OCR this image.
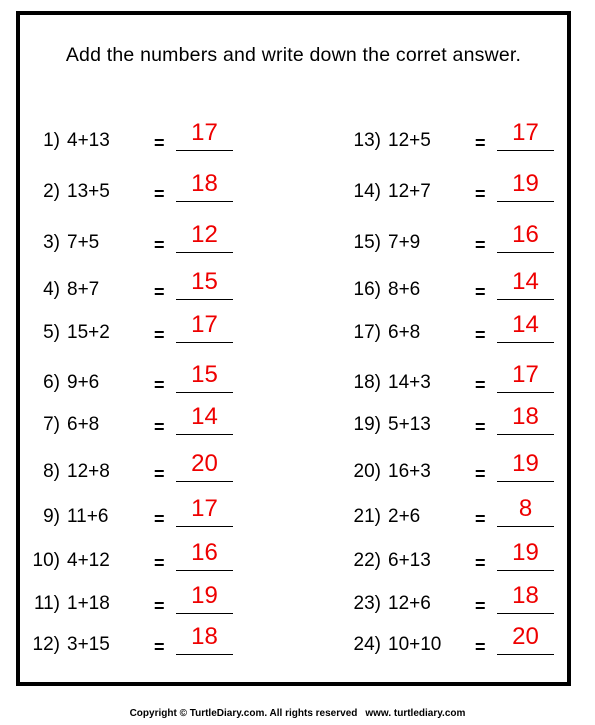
Add the numbers and write down the corret answer.
1) 4+13 =	17
2) 13+5 =	18
3) 7+5	=	12
4) 8+7	=	15
5) 15+2 =	17
6) 9+6	=	15
7) 6+8	=	14
8) 12+8 =	20
9) 11+6	=	17
10) 4+12 =	16
11) 1+18 =	19
12) 3+15 =	18
13) 12+5 =	17
14) 12+7 =	19
15) 7+9	=	16
16) 8+6	=	14
17) 6+8	=	14
18) 14+3 =	17
19) 5+13 =	18
20) 16+3 =	19
21) 2+6	=	8
22) 6+13 =	19
23) 12+6 =	18
24) 10+10 =	20
Copyright © TurtleDiary.com. All rights reserved www. turtlediary.com
